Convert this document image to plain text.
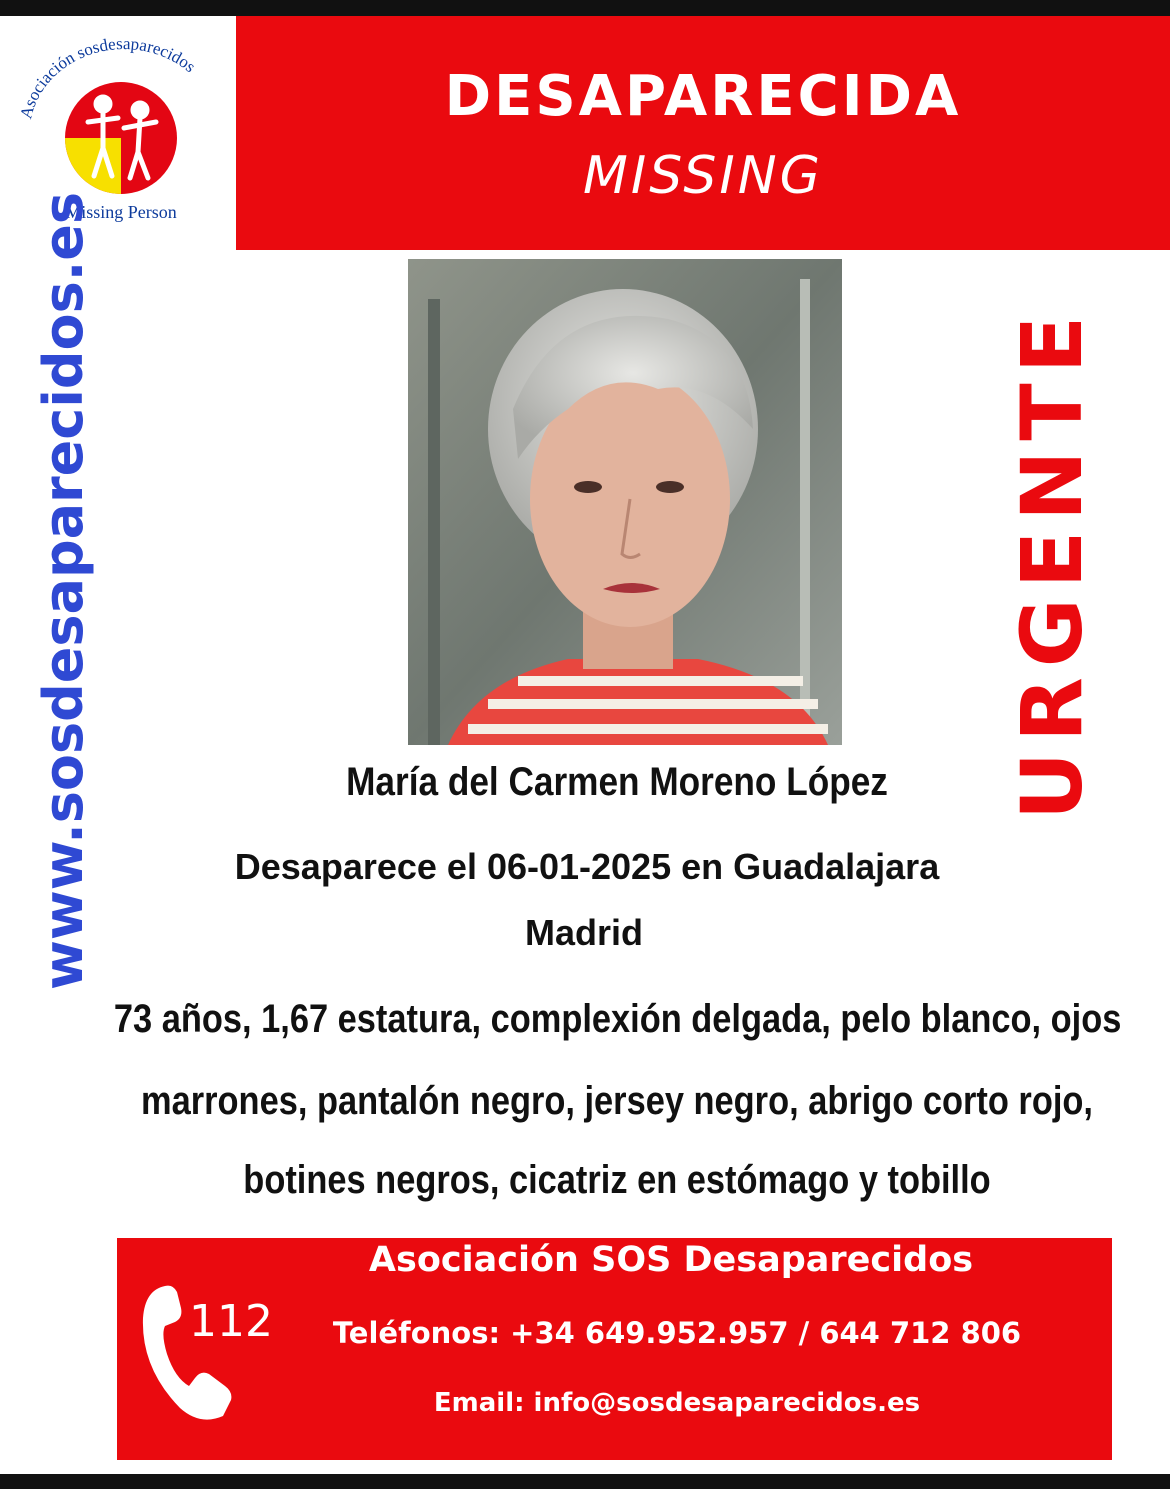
Asociación sosdesaparecidos
Missing Person
DESAPARECIDA
MISSING
www.sosdesaparecidos.es	URGENTE
María del Carmen Moreno López
Desaparece el 06-01-2025 en Guadalajara
Madrid
73 años, 1,67 estatura, complexión delgada, pelo blanco, ojos
marrones, pantalón negro, jersey negro, abrigo corto rojo,
botines negros, cicatriz en estómago y tobillo
112
Asociación SOS Desaparecidos
Teléfonos: +34 649.952.957 / 644 712 806
Email: info@sosdesaparecidos.es
